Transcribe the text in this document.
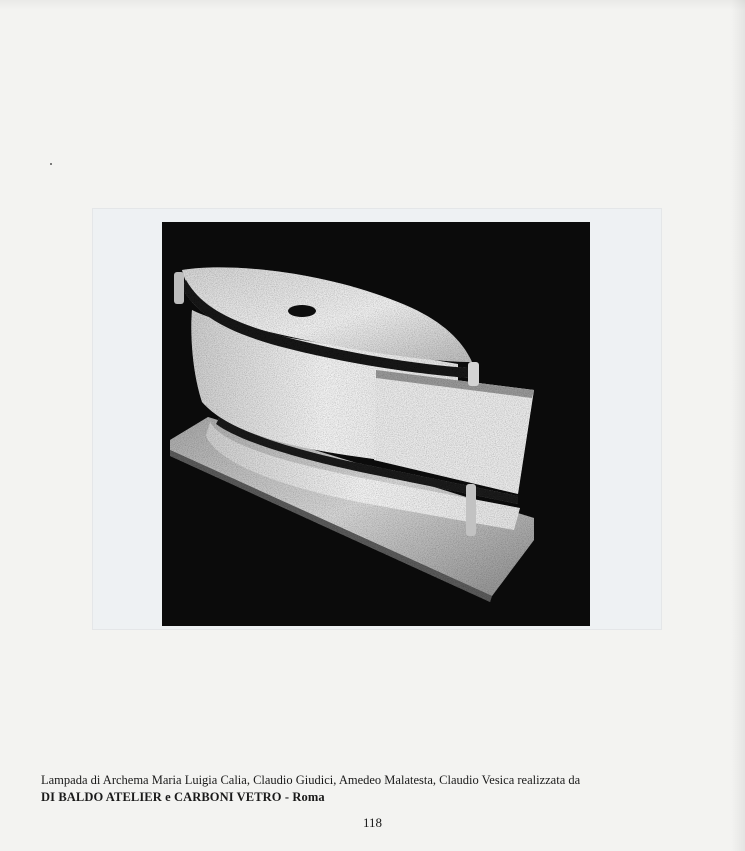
Lampada di Archema Maria Luigia Calia, Claudio Giudici, Amedeo Malatesta, Claudio Vesica realizzata da
DI BALDO ATELIER e CARBONI VETRO - Roma
118
